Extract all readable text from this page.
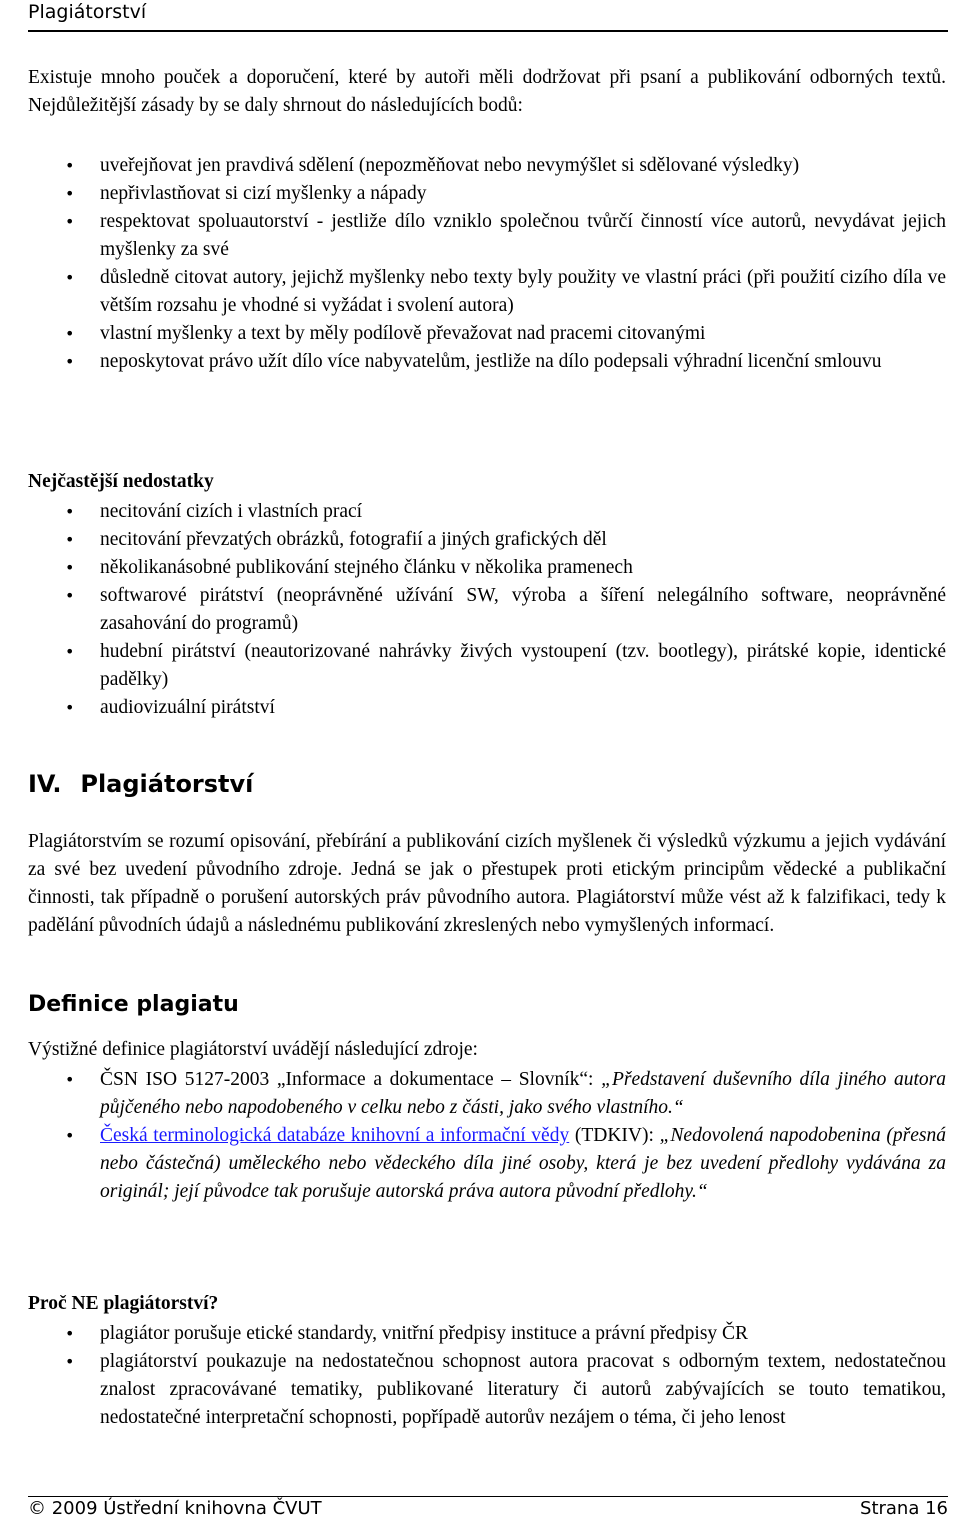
Plagiátorství

Existuje mnoho pouček a doporučení, které by autoři měli dodržovat při psaní a publikování odborných textů. Nejdůležitější zásady by se daly shrnout do následujících bodů:

• uveřejňovat jen pravdivá sdělení (nepozměňovat nebo nevymýšlet si sdělované výsledky)
• nepřivlastňovat si cizí myšlenky a nápady
• respektovat spoluautorství - jestliže dílo vzniklo společnou tvůrčí činností více autorů, nevydávat jejich myšlenky za své
• důsledně citovat autory, jejichž myšlenky nebo texty byly použity ve vlastní práci (při použití cizího díla ve větším rozsahu je vhodné si vyžádat i svolení autora)
• vlastní myšlenky a text by měly podílově převažovat nad pracemi citovanými
• neposkytovat právo užít dílo více nabyvatelům, jestliže na dílo podepsali výhradní licenční smlouvu
Nejčastější nedostatky
• necitování cizích i vlastních prací
• necitování převzatých obrázků, fotografií a jiných grafických děl
• několikanásobné publikování stejného článku v několika pramenech
• softwarové pirátství (neoprávněné užívání SW, výroba a šíření nelegálního software, neoprávněné zasahování do programů)
• hudební pirátství (neautorizované nahrávky živých vystoupení (tzv. bootlegy), pirátské kopie, identické padělky)
• audiovizuální pirátství
IV. Plagiátorství

Plagiátorstvím se rozumí opisování, přebírání a publikování cizích myšlenek či výsledků výzkumu a jejich vydávání za své bez uvedení původního zdroje. Jedná se jak o přestupek proti etickým principům vědecké a publikační činnosti, tak případně o porušení autorských práv původního autora. Plagiátorství může vést až k falzifikaci, tedy k padělání původních údajů a následnému publikování zkreslených nebo vymyšlených informací.

Definice plagiatu
Výstižné definice plagiátorství uvádějí následující zdroje:
• ČSN ISO 5127-2003 „Informace a dokumentace – Slovník“: „Představení duševního díla jiného autora půjčeného nebo napodobeného v celku nebo z části, jako svého vlastního.“
• Česká terminologická databáze knihovní a informační vědy (TDKIV): „Nedovolená napodobenina (přesná nebo částečná) uměleckého nebo vědeckého díla jiné osoby, která je bez uvedení předlohy vydávána za originál; její původce tak porušuje autorská práva autora původní předlohy.“
Proč NE plagiátorství?
• plagiátor porušuje etické standardy, vnitřní předpisy instituce a právní předpisy ČR
• plagiátorství poukazuje na nedostatečnou schopnost autora pracovat s odborným textem, nedostatečnou znalost zpracovávané tematiky, publikované literatury či autorů zabývajících se touto tematikou, nedostatečné interpretační schopnosti, popřípadě autorův nezájem o téma, či jeho lenost
© 2009 Ústřední knihovna ČVUT	Strana 16
